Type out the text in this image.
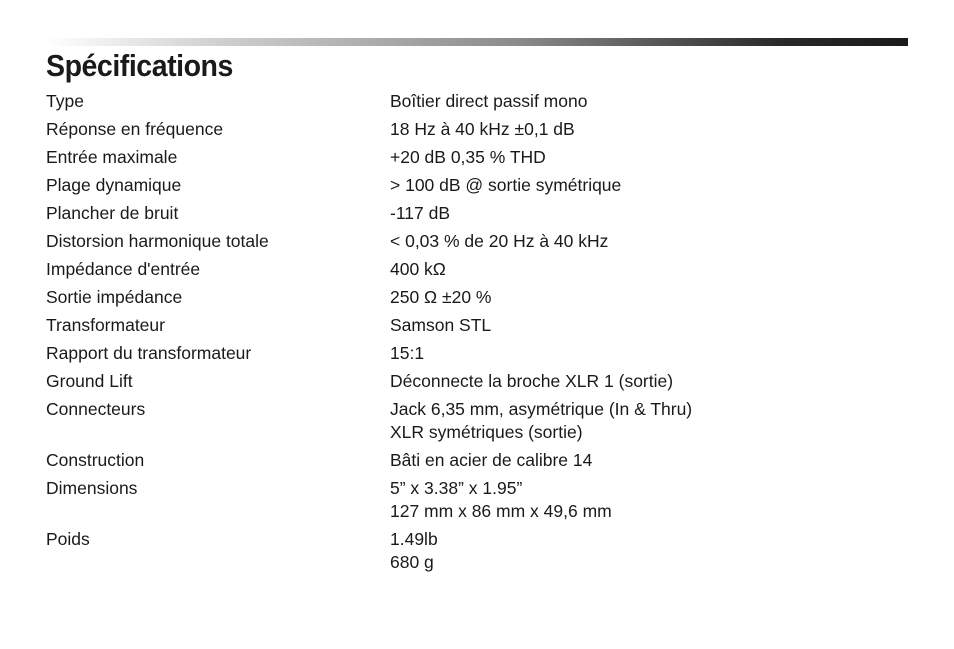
Spécifications
Type	Boîtier direct passif mono
Réponse en fréquence	18 Hz à 40 kHz ±0,1 dB
Entrée maximale	+20 dB 0,35 % THD
Plage dynamique	> 100 dB @ sortie symétrique
Plancher de bruit	-117 dB
Distorsion harmonique totale	< 0,03 % de 20 Hz à 40 kHz
Impédance d'entrée	400 kΩ
Sortie impédance	250 Ω ±20 %
Transformateur	Samson STL
Rapport du transformateur	15:1
Ground Lift	Déconnecte la broche XLR 1 (sortie)
Connecteurs	Jack 6,35 mm, asymétrique (In & Thru)
XLR symétriques (sortie)
Construction	Bâti en acier de calibre 14
Dimensions	5” x 3.38” x 1.95”
127 mm x 86 mm x 49,6 mm
Poids	1.49lb
680 g
